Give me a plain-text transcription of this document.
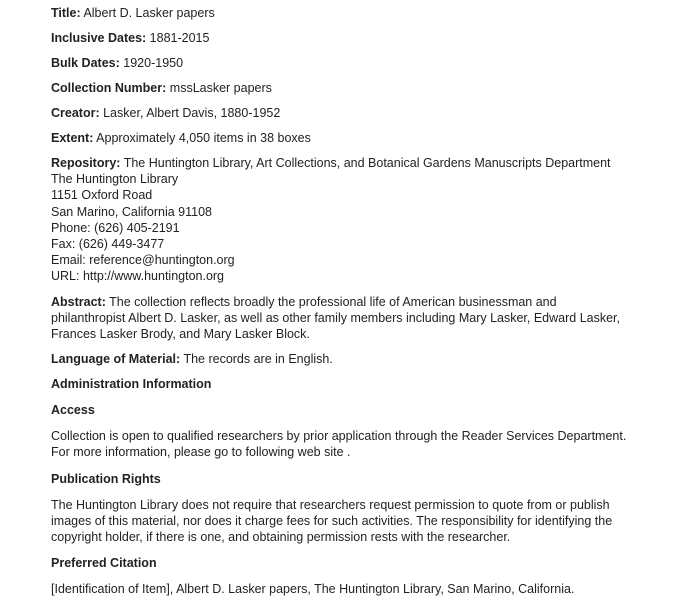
Title: Albert D. Lasker papers
Inclusive Dates: 1881-2015
Bulk Dates: 1920-1950
Collection Number: mssLasker papers
Creator: Lasker, Albert Davis, 1880-1952
Extent: Approximately 4,050 items in 38 boxes
Repository: The Huntington Library, Art Collections, and Botanical Gardens Manuscripts Department
The Huntington Library
1151 Oxford Road
San Marino, California 91108
Phone: (626) 405-2191
Fax: (626) 449-3477
Email: reference@huntington.org
URL: http://www.huntington.org
Abstract: The collection reflects broadly the professional life of American businessman and
philanthropist Albert D. Lasker, as well as other family members including Mary Lasker, Edward Lasker,
Frances Lasker Brody, and Mary Lasker Block.
Language of Material: The records are in English.
Administration Information
Access
Collection is open to qualified researchers by prior application through the Reader Services Department.
For more information, please go to following web site .
Publication Rights
The Huntington Library does not require that researchers request permission to quote from or publish
images of this material, nor does it charge fees for such activities. The responsibility for identifying the
copyright holder, if there is one, and obtaining permission rests with the researcher.
Preferred Citation
[Identification of Item], Albert D. Lasker papers, The Huntington Library, San Marino, California.
